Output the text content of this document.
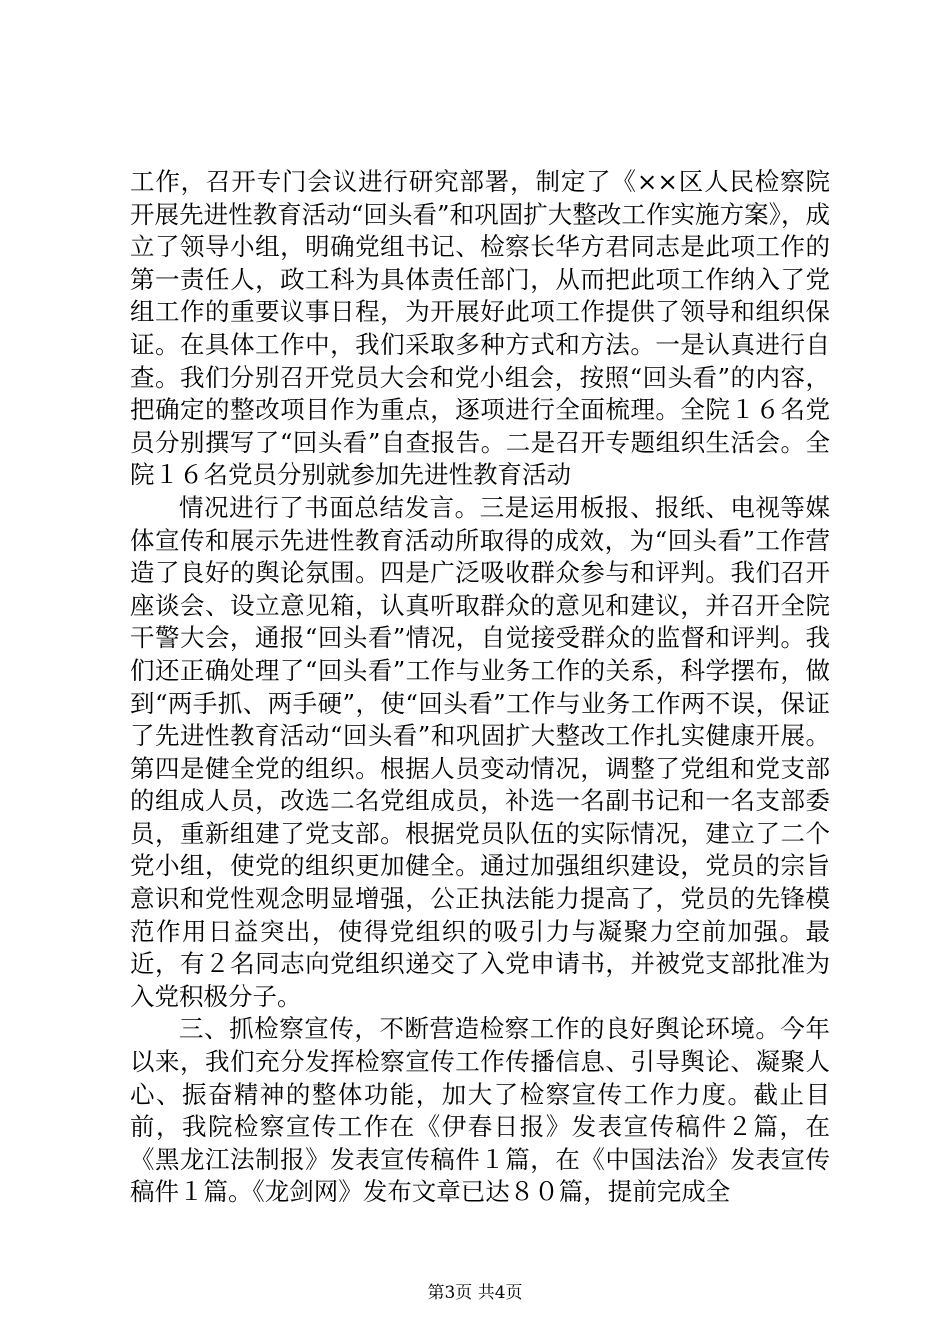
工作，召开专门会议进行研究部署，制定了《××区人民检察院开展先进性教育活动“回头看”和巩固扩大整改工作实施方案》，成立了领导小组，明确党组书记、检察长华方君同志是此项工作的第一责任人，政工科为具体责任部门，从而把此项工作纳入了党组工作的重要议事日程，为开展好此项工作提供了领导和组织保证。在具体工作中，我们采取多种方式和方法。一是认真进行自查。我们分别召开党员大会和党小组会，按照“回头看”的内容，把确定的整改项目作为重点，逐项进行全面梳理。全院１６名党员分别撰写了“回头看”自查报告。二是召开专题组织生活会。全院１６名党员分别就参加先进性教育活动

情况进行了书面总结发言。三是运用板报、报纸、电视等媒体宣传和展示先进性教育活动所取得的成效，为“回头看”工作营造了良好的舆论氛围。四是广泛吸收群众参与和评判。我们召开座谈会、设立意见箱，认真听取群众的意见和建议，并召开全院干警大会，通报“回头看”情况，自觉接受群众的监督和评判。我们还正确处理了“回头看”工作与业务工作的关系，科学摆布，做到“两手抓、两手硬”，使“回头看”工作与业务工作两不误，保证了先进性教育活动“回头看”和巩固扩大整改工作扎实健康开展。第四是健全党的组织。根据人员变动情况，调整了党组和党支部的组成人员，改选二名党组成员，补选一名副书记和一名支部委员，重新组建了党支部。根据党员队伍的实际情况，建立了二个党小组，使党的组织更加健全。通过加强组织建设，党员的宗旨意识和党性观念明显增强，公正执法能力提高了，党员的先锋模范作用日益突出，使得党组织的吸引力与凝聚力空前加强。最近，有２名同志向党组织递交了入党申请书，并被党支部批准为入党积极分子。

三、抓检察宣传，不断营造检察工作的良好舆论环境。今年以来，我们充分发挥检察宣传工作传播信息、引导舆论、凝聚人心、振奋精神的整体功能，加大了检察宣传工作力度。截止目前，我院检察宣传工作在《伊春日报》发表宣传稿件２篇，在《黑龙江法制报》发表宣传稿件１篇，在《中国法治》发表宣传稿件１篇。《龙剑网》发布文章已达８０篇，提前完成全

第3页 共4页
